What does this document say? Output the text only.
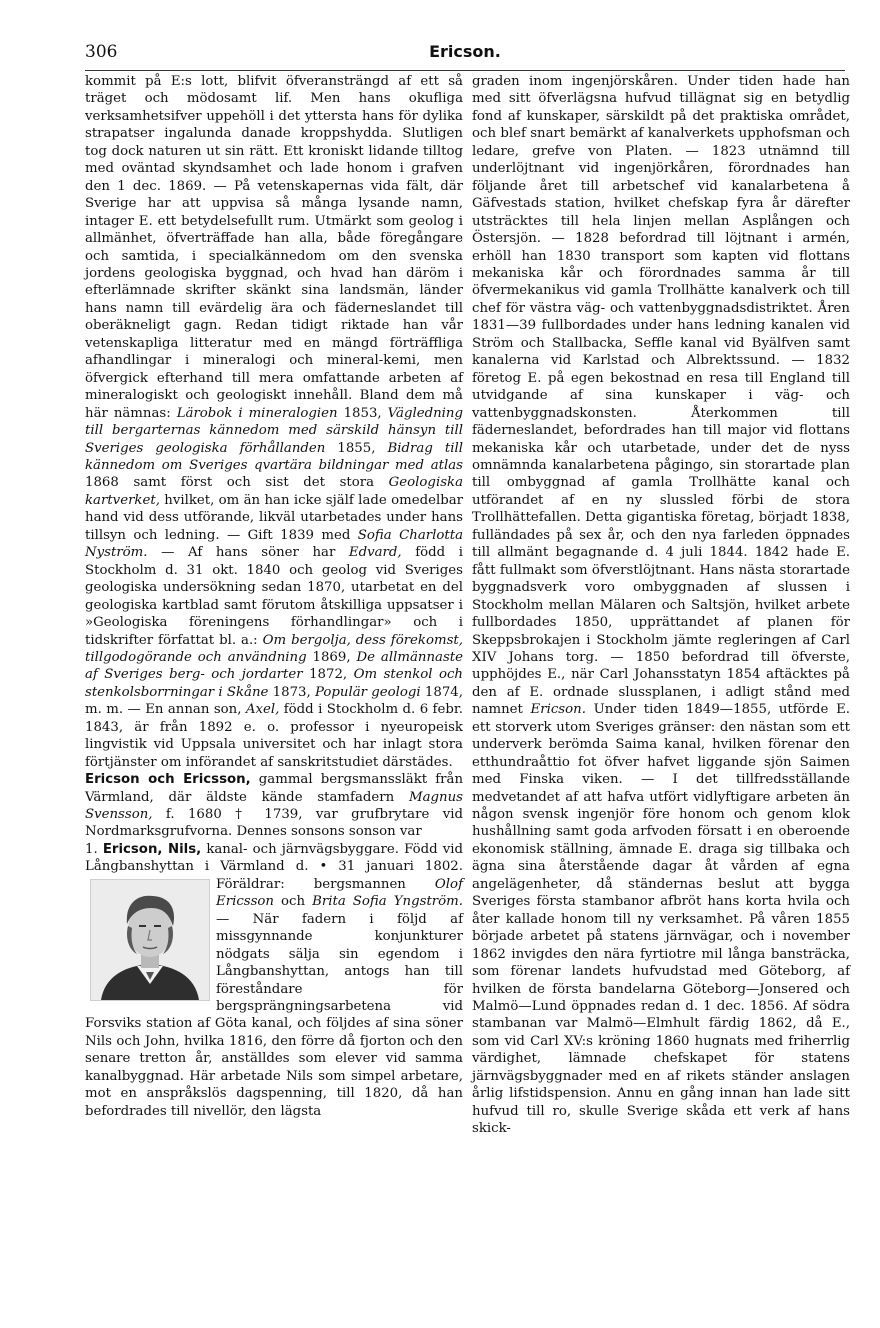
306	Ericson.

kommit på E:s lott, blifvit öfveransträngd af ett så träget och mödosamt lif. Men hans okufliga verksamhetsifver uppehöll i det yttersta hans för dylika strapatser ingalunda danade kroppshydda. Slutligen tog dock naturen ut sin rätt. Ett kroniskt lidande tilltog med oväntad skyndsamhet och lade honom i grafven den 1 dec. 1869. — På vetenskapernas vida fält, där Sverige har att uppvisa så många lysande namn, intager E. ett betydelsefullt rum. Utmärkt som geolog i allmänhet, öfverträffade han alla, både föregångare och samtida, i specialkännedom om den svenska jordens geologiska byggnad, och hvad han däröm i efterlämnade skrifter skänkt sina landsmän, länder hans namn till evärdelig ära och fäderneslandet till oberäkneligt gagn. Redan tidigt riktade han vår vetenskapliga litteratur med en mängd förträffliga afhandlingar i mineralogi och mineral-kemi, men öfvergick efterhand till mera omfattande arbeten af mineralogiskt och geologiskt innehåll. Bland dem må här nämnas: Lärobok i mineralogien 1853, Vägledning till bergarternas kännedom med särskild hänsyn till Sveriges geologiska förhållanden 1855, Bidrag till kännedom om Sveriges qvartära bildningar med atlas 1868 samt först och sist det stora Geologiska kartverket, hvilket, om än han icke själf lade omedelbar hand vid dess utförande, likväl utarbetades under hans tillsyn och ledning. — Gift 1839 med Sofia Charlotta Nyström. — Af hans söner har Edvard, född i Stockholm d. 31 okt. 1840 och geolog vid Sveriges geologiska undersökning sedan 1870, utarbetat en del geologiska kartblad samt förutom åtskilliga uppsatser i »Geologiska föreningens förhandlingar» och i tidskrifter författat bl. a.: Om bergolja, dess förekomst, tillgodogörande och användning 1869, De allmännaste af Sveriges berg- och jordarter 1872, Om stenkol och stenkolsborrningar i Skåne 1873, Populär geologi 1874, m. m. — En annan son, Axel, född i Stockholm d. 6 febr. 1843, är från 1892 e. o. professor i nyeuropeisk lingvistik vid Uppsala universitet och har inlagt stora förtjänster om införandet af sanskritstudiet därstädes.

Ericson och Ericsson, gammal bergsmanssläkt från Värmland, där äldste kände stamfadern Magnus Svensson, f. 1680 † 1739, var grufbrytare vid Nordmarksgrufvorna. Dennes sonsons sonson var

1. Ericson, Nils, kanal- och järnvägsbyggare. Född vid Långbanshyttan i Värmland d. • 31 januari 1802. Föräldrar: bergsmannen
Olof Ericsson och Brita Sofia Yngström. — När fadern i följd af missgynnande konjunkturer nödgats sälja sin egendom i Långbanshyttan, antogs han till föreståndare för bergsprängningsarbetena vid Forsviks station af Göta kanal, och följdes af sina söner Nils och John, hvilka 1816, den förre då fjorton och den senare tretton år, anställdes som elever vid samma kanalbyggnad. Här arbetade Nils som simpel arbetare, mot en anspråkslös dagspenning, till 1820, då han befordrades till nivellör, den lägsta

graden inom ingenjörskåren. Under tiden hade han med sitt öfverlägsna hufvud tillägnat sig en betydlig fond af kunskaper, särskildt på det praktiska området, och blef snart bemärkt af kanalverkets upphofsman och ledare, grefve von Platen. — 1823 utnämnd till underlöjtnant vid ingenjörkåren, förordnades han följande året till arbetschef vid kanalarbetena å Gäfvestads station, hvilket chefskap fyra år därefter utsträcktes till hela linjen mellan Asplången och Östersjön. — 1828 befordrad till löjtnant i armén, erhöll han 1830 transport som kapten vid flottans mekaniska kår och förordnades samma år till öfvermekanikus vid gamla Trollhätte kanalverk och till chef för västra väg- och vattenbyggnadsdistriktet. Åren 1831—39 fullbordades under hans ledning kanalen vid Ström och Stallbacka, Seffle kanal vid Byälfven samt kanalerna vid Karlstad och Albrektssund. — 1832 företog E. på egen bekostnad en resa till England till utvidgande af sina kunskaper i väg- och vattenbyggnadskonsten. Återkommen till fäderneslandet, befordrades han till major vid flottans mekaniska kår och utarbetade, under det de nyss omnämnda kanalarbetena pågingo, sin storartade plan till ombyggnad af gamla Trollhätte kanal och utförandet af en ny slussled förbi de stora Trollhättefallen. Detta gigantiska företag, börjadt 1838, fulländades på sex år, och den nya farleden öppnades till allmänt begagnande d. 4 juli 1844. 1842 hade E. fått fullmakt som öfverstlöjtnant. Hans nästa storartade byggnadsverk voro ombyggnaden af slussen i Stockholm mellan Mälaren och Saltsjön, hvilket arbete fullbordades 1850, upprättandet af planen för Skeppsbrokajen i Stockholm jämte regleringen af Carl XIV Johans torg. — 1850 befordrad till öfverste, upphöjdes E., när Carl Johansstatyn 1854 aftäcktes på den af E. ordnade slussplanen, i adligt stånd med namnet Ericson. Under tiden 1849—1855, utförde E. ett storverk utom Sveriges gränser: den nästan som ett underverk berömda Saima kanal, hvilken förenar den etthundraåttio fot öfver hafvet liggande sjön Saimen med Finska viken. — I det tillfredsställande medvetandet af att hafva utfört vidlyftigare arbeten än någon svensk ingenjör före honom och genom klok hushållning samt goda arfvoden försatt i en oberoende ekonomisk ställning, ämnade E. draga sig tillbaka och ägna sina återstående dagar åt vården af egna angelägenheter, då ständernas beslut att bygga Sveriges första stambanor afbröt hans korta hvila och åter kallade honom till ny verksamhet. På våren 1855 började arbetet på statens järnvägar, och i november 1862 invigdes den nära fyrtiotre mil långa bansträcka, som förenar landets hufvudstad med Göteborg, af hvilken de första bandelarna Göteborg—Jonsered och Malmö—Lund öppnades redan d. 1 dec. 1856. Af södra stambanan var Malmö—Elmhult färdig 1862, då E., som vid Carl XV:s kröning 1860 hugnats med friherrlig värdighet, lämnade chefskapet för statens järnvägsbyggnader med en af rikets ständer anslagen årlig lifstidspension. Annu en gång innan han lade sitt hufvud till ro, skulle Sverige skåda ett verk af hans skick-
